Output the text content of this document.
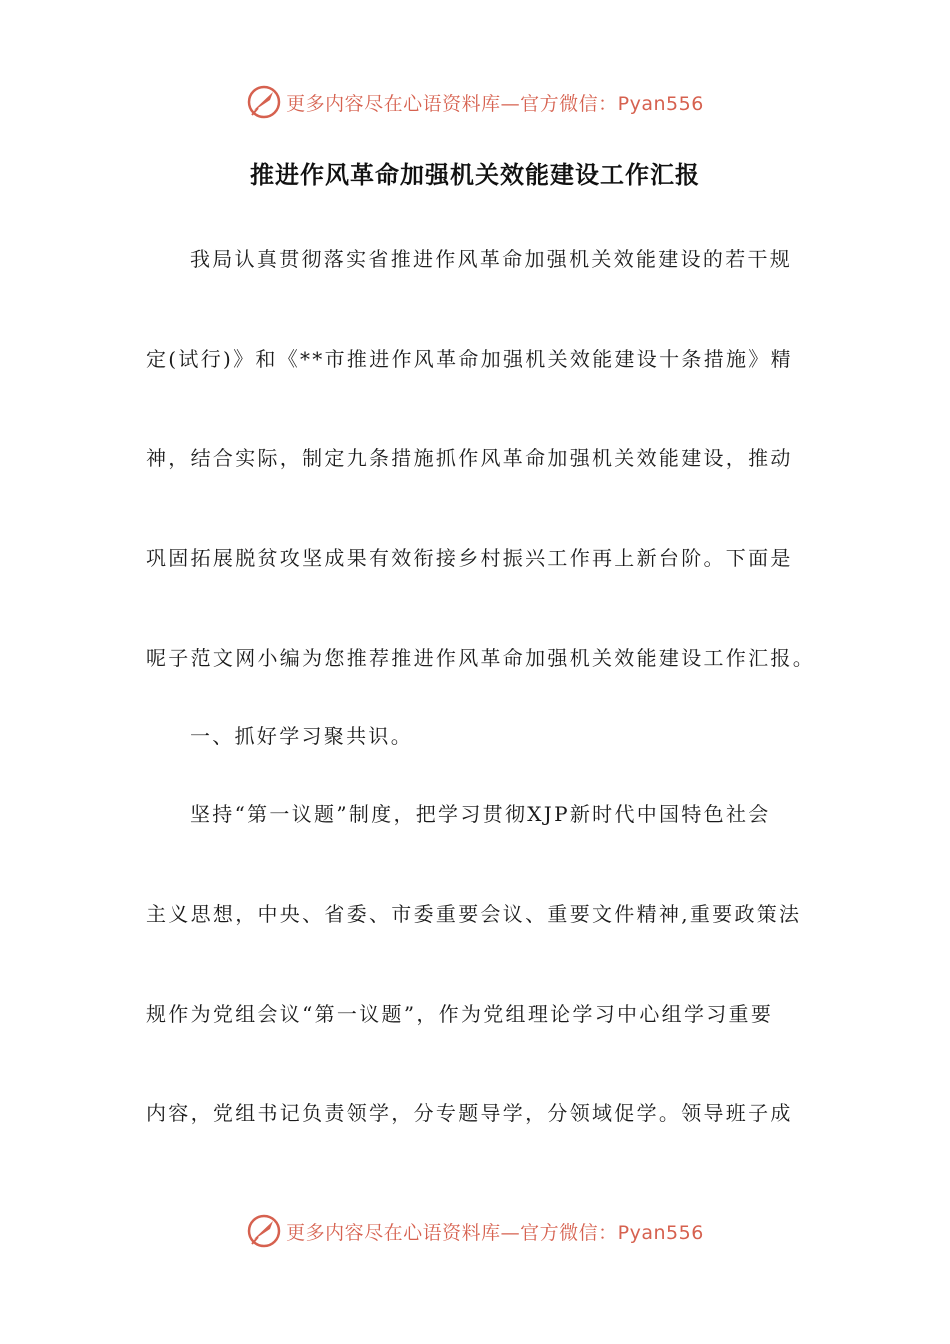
更多内容尽在心语资料库—官方微信：Pyan556
推进作风革命加强机关效能建设工作汇报
我局认真贯彻落实省推进作风革命加强机关效能建设的若干规
定(试行)》和《**市推进作风革命加强机关效能建设十条措施》精
神，结合实际，制定九条措施抓作风革命加强机关效能建设，推动
巩固拓展脱贫攻坚成果有效衔接乡村振兴工作再上新台阶。下面是
呢子范文网小编为您推荐推进作风革命加强机关效能建设工作汇报。
一、抓好学习聚共识。
坚持“第一议题”制度，把学习贯彻XJP新时代中国特色社会
主义思想，中央、省委、市委重要会议、重要文件精神,重要政策法
规作为党组会议“第一议题”，作为党组理论学习中心组学习重要
内容，党组书记负责领学，分专题导学，分领域促学。领导班子成
更多内容尽在心语资料库—官方微信：Pyan556
